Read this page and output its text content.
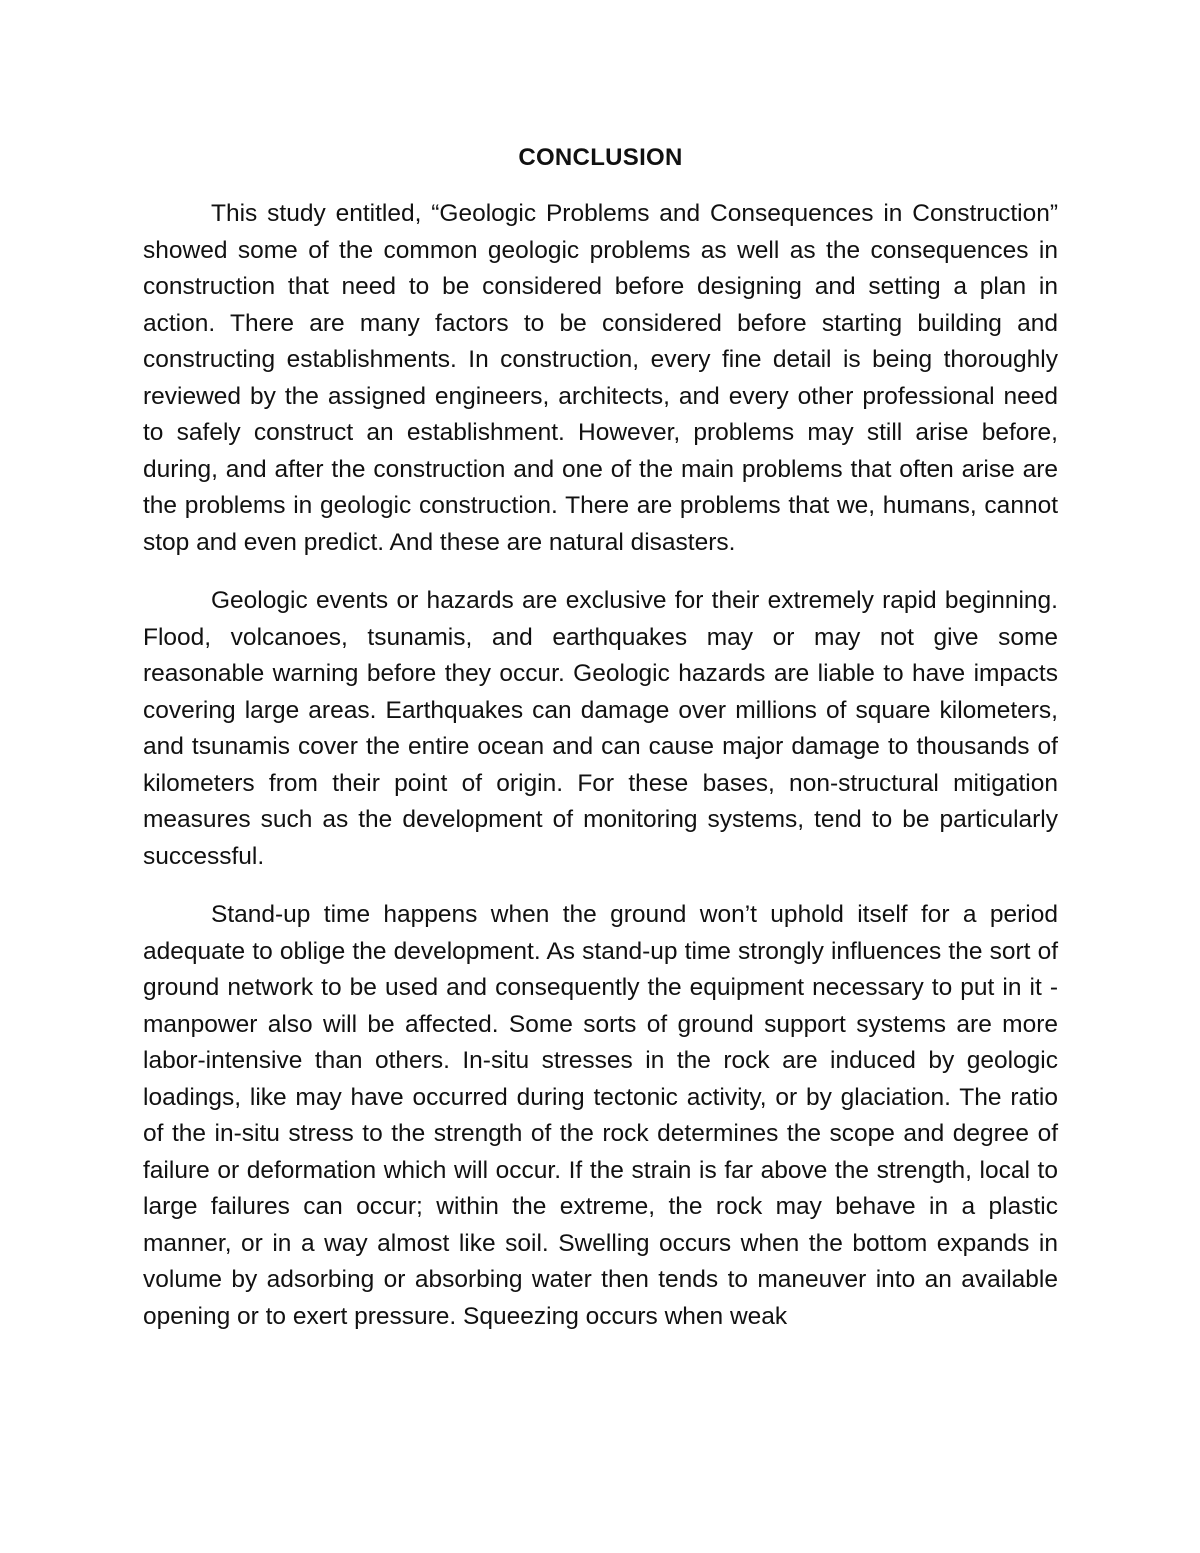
CONCLUSION

This study entitled, “Geologic Problems and Consequences in Construction” showed some of the common geologic problems as well as the consequences in construction that need to be considered before designing and setting a plan in action. There are many factors to be considered before starting building and constructing establishments. In construction, every fine detail is being thoroughly reviewed by the assigned engineers, architects, and every other professional need to safely construct an establishment. However, problems may still arise before, during, and after the construction and one of the main problems that often arise are the problems in geologic construction. There are problems that we, humans, cannot stop and even predict. And these are natural disasters.

Geologic events or hazards are exclusive for their extremely rapid beginning. Flood, volcanoes, tsunamis, and earthquakes may or may not give some reasonable warning before they occur. Geologic hazards are liable to have impacts covering large areas. Earthquakes can damage over millions of square kilometers, and tsunamis cover the entire ocean and can cause major damage to thousands of kilometers from their point of origin. For these bases, non-structural mitigation measures such as the development of monitoring systems, tend to be particularly successful.

Stand-up time happens when the ground won’t uphold itself for a period adequate to oblige the development. As stand-up time strongly influences the sort of ground network to be used and consequently the equipment necessary to put in it - manpower also will be affected. Some sorts of ground support systems are more labor-intensive than others. In-situ stresses in the rock are induced by geologic loadings, like may have occurred during tectonic activity, or by glaciation. The ratio of the in-situ stress to the strength of the rock determines the scope and degree of failure or deformation which will occur. If the strain is far above the strength, local to large failures can occur; within the extreme, the rock may behave in a plastic manner, or in a way almost like soil. Swelling occurs when the bottom expands in volume by adsorbing or absorbing water then tends to maneuver into an available opening or to exert pressure. Squeezing occurs when weak
